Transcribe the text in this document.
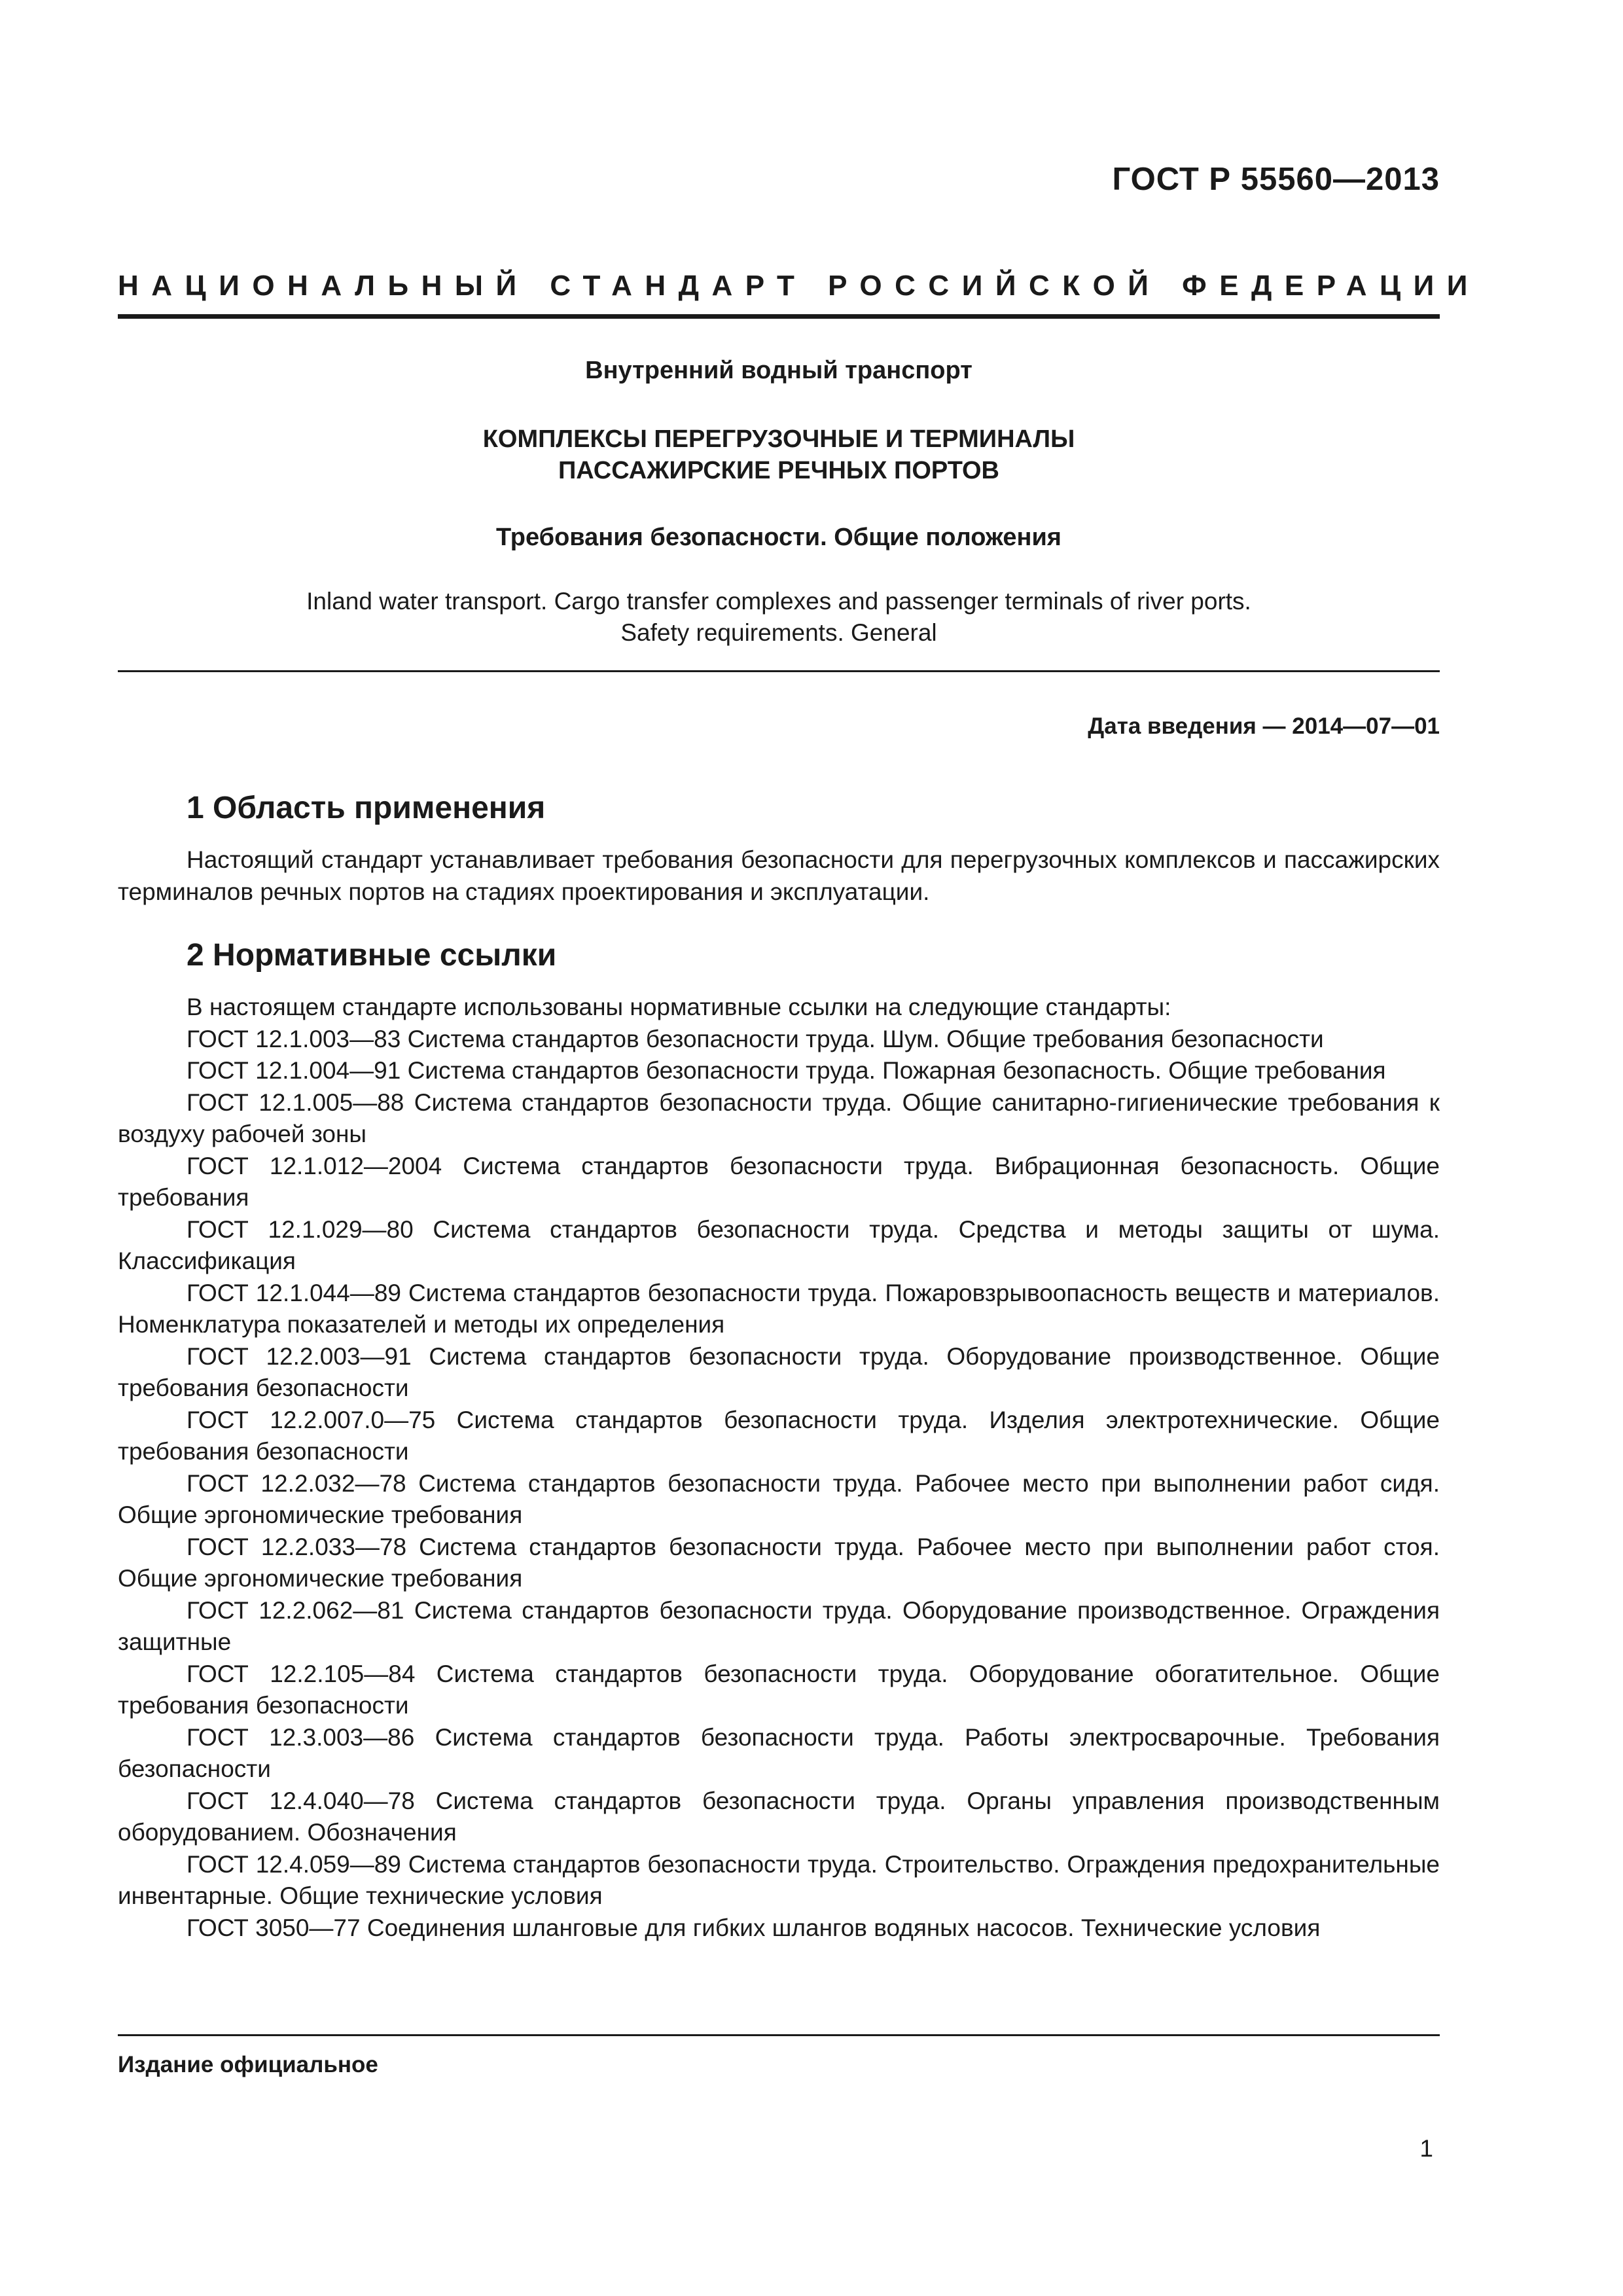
ГОСТ Р 55560—2013
НАЦИОНАЛЬНЫЙ СТАНДАРТ РОССИЙСКОЙ ФЕДЕРАЦИИ
Внутренний водный транспорт
КОМПЛЕКСЫ ПЕРЕГРУЗОЧНЫЕ И ТЕРМИНАЛЫ
ПАССАЖИРСКИЕ РЕЧНЫХ ПОРТОВ
Требования безопасности. Общие положения
Inland water transport. Cargo transfer complexes and passenger terminals of river ports.
Safety requirements. General
Дата введения — 2014—07—01
1 Область применения
Настоящий стандарт устанавливает требования безопасности для перегрузочных комплексов и пассажирских терминалов речных портов на стадиях проектирования и эксплуатации.
2 Нормативные ссылки

В настоящем стандарте использованы нормативные ссылки на следующие стандарты:

ГОСТ 12.1.003—83 Система стандартов безопасности труда. Шум. Общие требования безопасности

ГОСТ 12.1.004—91 Система стандартов безопасности труда. Пожарная безопасность. Общие требования

ГОСТ 12.1.005—88 Система стандартов безопасности труда. Общие санитарно-гигиенические требования к воздуху рабочей зоны

ГОСТ 12.1.012—2004 Система стандартов безопасности труда. Вибрационная безопасность. Общие требования

ГОСТ 12.1.029—80 Система стандартов безопасности труда. Средства и методы защиты от шума. Классификация

ГОСТ 12.1.044—89 Система стандартов безопасности труда. Пожаровзрывоопасность веществ и материалов. Номенклатура показателей и методы их определения

ГОСТ 12.2.003—91 Система стандартов безопасности труда. Оборудование производственное. Общие требования безопасности

ГОСТ 12.2.007.0—75 Система стандартов безопасности труда. Изделия электротехнические. Общие требования безопасности

ГОСТ 12.2.032—78 Система стандартов безопасности труда. Рабочее место при выполнении работ сидя. Общие эргономические требования

ГОСТ 12.2.033—78 Система стандартов безопасности труда. Рабочее место при выполнении работ стоя. Общие эргономические требования

ГОСТ 12.2.062—81 Система стандартов безопасности труда. Оборудование производственное. Ограждения защитные

ГОСТ 12.2.105—84 Система стандартов безопасности труда. Оборудование обогатительное. Общие требования безопасности

ГОСТ 12.3.003—86 Система стандартов безопасности труда. Работы электросварочные. Требования безопасности

ГОСТ 12.4.040—78 Система стандартов безопасности труда. Органы управления производственным оборудованием. Обозначения

ГОСТ 12.4.059—89 Система стандартов безопасности труда. Строительство. Ограждения предохранительные инвентарные. Общие технические условия

ГОСТ 3050—77 Соединения шланговые для гибких шлангов водяных насосов. Технические условия

Издание официальное
1
